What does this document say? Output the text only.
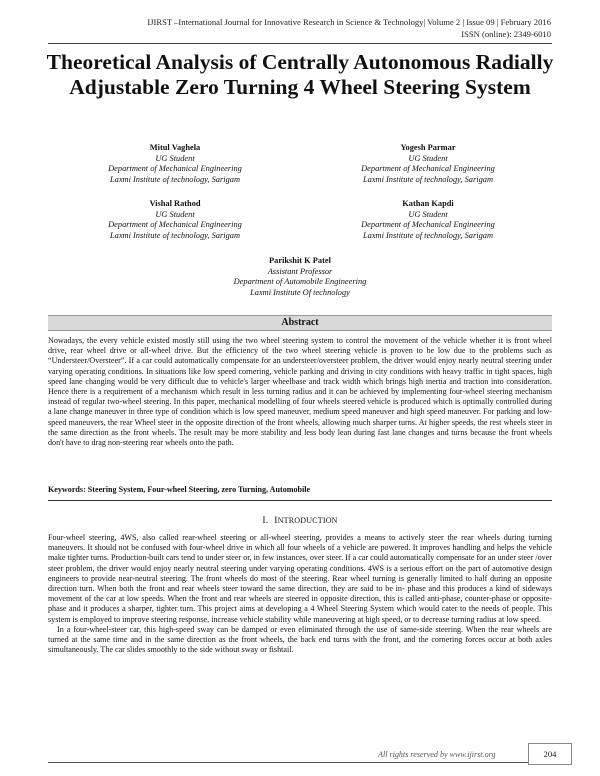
IJIRST –International Journal for Innovative Research in Science & Technology| Volume 2 | Issue 09 | February 2016
ISSN (online): 2349-6010
Theoretical Analysis of Centrally Autonomous Radially Adjustable Zero Turning 4 Wheel Steering System
Mitul Vaghela
UG Student
Department of Mechanical Engineering
Laxmi Institute of technology, Sarigam
Yogesh Parmar
UG Student
Department of Mechanical Engineering
Laxmi Institute of technology, Sarigam
Vishal Rathod
UG Student
Department of Mechanical Engineering
Laxmi Institute of technology, Sarigam
Kathan Kapdi
UG Student
Department of Mechanical Engineering
Laxmi Institute of technology, Sarigam
Parikshit K Patel
Assistant Professor
Department of Automobile Engineering
Laxmi Institute Of technology
Abstract
Nowadays, the every vehicle existed mostly still using the two wheel steering system to control the movement of the vehicle whether it is front wheel drive, rear wheel drive or all-wheel drive. But the efficiency of the two wheel steering vehicle is proven to be low due to the problems such as “Understeer/Oversteer”. If a car could automatically compensate for an understeer/oversteer problem, the driver would enjoy nearly neutral steering under varying operating conditions. In situations like low speed cornering, vehicle parking and driving in city conditions with heavy traffic in tight spaces, high speed lane changing would be very difficult due to vehicle's larger wheelbase and track width which brings high inertia and traction into consideration. Hence there is a requirement of a mechanism which result in less turning radius and it can be achieved by implementing four-wheel steering mechanism instead of regular two-wheel steering. In this paper, mechanical modelling of four wheels steered vehicle is produced which is optimally controlled during a lane change maneuver in three type of condition which is low speed maneuver, medium speed maneuver and high speed maneuver. For parking and low-speed maneuvers, the rear Wheel steer in the opposite direction of the front wheels, allowing much sharper turns. At higher speeds, the rest wheels steer in the same direction as the front wheels. The result may be more stability and less body lean during fast lane changes and turns because the front wheels don't have to drag non-steering rear wheels onto the path.
Keywords: Steering System, Four-wheel Steering, zero Turning, Automobile
I. INTRODUCTION

Four-wheel steering, 4WS, also called rear-wheel steering or all-wheel steering, provides a means to actively steer the rear wheels during turning maneuvers. It should not be confused with four-wheel drive in which all four wheels of a vehicle are powered. It improves handling and helps the vehicle make tighter turns. Production-built cars tend to under steer or, in few instances, over steer. If a car could automatically compensate for an under steer /over steer problem, the driver would enjoy nearly neutral steering under varying operating conditions. 4WS is a serious effort on the part of automotive design engineers to provide near-neutral steering. The front wheels do most of the steering. Rear wheel turning is generally limited to half during an opposite direction turn. When both the front and rear wheels steer toward the same direction, they are said to be in- phase and this produces a kind of sideways movement of the car at low speeds. When the front and rear wheels are steered in opposite direction, this is called anti-phase, counter-phase or opposite-phase and it produces a sharper, tighter turn. This project aims at developing a 4 Wheel Steering System which would cater to the needs of people. This system is employed to improve steering response, increase vehicle stability while maneuvering at high speed, or to decrease turning radius at low speed.

In a four-wheel-steer car, this high-speed sway can be damped or even eliminated through the use of same-side steering. When the rear wheels are turned at the same time and in the same direction as the front wheels, the back end turns with the front, and the cornering forces occur at both axles simultaneously. The car slides smoothly to the side without sway or fishtail.

All rights reserved by www.ijirst.org	204
